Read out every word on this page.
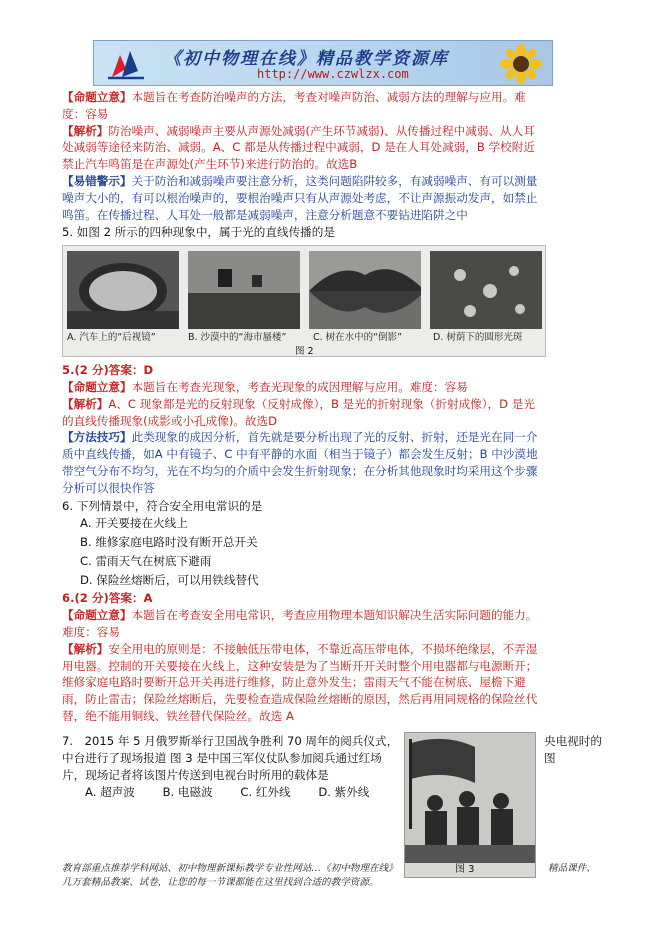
《初中物理在线》精品教学资源库
http://www.czwlzx.com

【命题立意】本题旨在考查防治噪声的方法，考查对噪声防治、减弱方法的理解与应用。难度：容易

【解析】防治噪声、减弱噪声主要从声源处减弱(产生环节减弱)、从传播过程中减弱、从人耳处减弱等途径来防治、减弱。A、C 都是从传播过程中减弱，D 是在人耳处减弱，B 学校附近禁止汽车鸣笛是在声源处(产生环节)来进行防治的。故选B

【易错警示】关于防治和减弱噪声要注意分析，这类问题陷阱较多，有减弱噪声、有可以测量噪声大小的，有可以根治噪声的，要根治噪声只有从声源处考虑，不让声源振动发声，如禁止鸣笛。在传播过程、人耳处一般都是减弱噪声，注意分析题意不要钻进陷阱之中

5. 如图 2 所示的四种现象中，属于光的直线传播的是

A. 汽车上的“后视镜”	B. 沙漠中的“海市蜃楼”	C. 树在水中的“倒影”	D. 树荫下的圆形光斑
图 2

5.(2 分)答案：D

【命题立意】本题旨在考查光现象，考查光现象的成因理解与应用。难度：容易

【解析】A、C 现象都是光的反射现象（反射成像），B 是光的折射现象（折射成像），D 是光的直线传播现象(成影或小孔成像)。故选D

【方法技巧】此类现象的成因分析，首先就是要分析出现了光的反射、折射，还是光在同一介质中直线传播，如A 中有镜子、C 中有平静的水面（相当于镜子）都会发生反射；B 中沙漠地带空气分布不均匀，光在不均匀的介质中会发生折射现象；在分析其他现象时均采用这个步骤分析可以很快作答

6. 下列情景中，符合安全用电常识的是

A. 开关要接在火线上

B. 维修家庭电路时没有断开总开关

C. 雷雨天气在树底下避雨

D. 保险丝熔断后，可以用铁线替代

6.(2 分)答案：A

【命题立意】本题旨在考查安全用电常识，考查应用物理本题知识解决生活实际问题的能力。难度：容易

【解析】安全用电的原则是：不接触低压带电体，不靠近高压带电体，不损坏绝缘层，不弄湿用电器。控制的开关要接在火线上，这种安装是为了当断开开关时整个用电器都与电源断开；维修家庭电路时要断开总开关再进行维修，防止意外发生；雷雨天气不能在树底、屋檐下避雨，防止雷击；保险丝熔断后，先要检查造成保险丝熔断的原因，然后再用同规格的保险丝代替，绝不能用铜线、铁丝替代保险丝。故选 A

7.　2015 年 5 月俄罗斯举行卫国战争胜利 70 周年的阅兵仪式，中台进行了现场报道 图 3 是中国三军仪仗队参加阅兵通过红场片，现场记者将该图片传送到电视台时所用的载体是
央电视时的图
A. 超声波 B. 电磁波 C. 红外线 D. 紫外线
图 3
教育部重点推荐学科网站、初中物理新课标教学专业性网站…《初中物理在线》几万套精品教案、试卷，让您的每一节课都能在这里找到合适的教学资源。
精品课件、
